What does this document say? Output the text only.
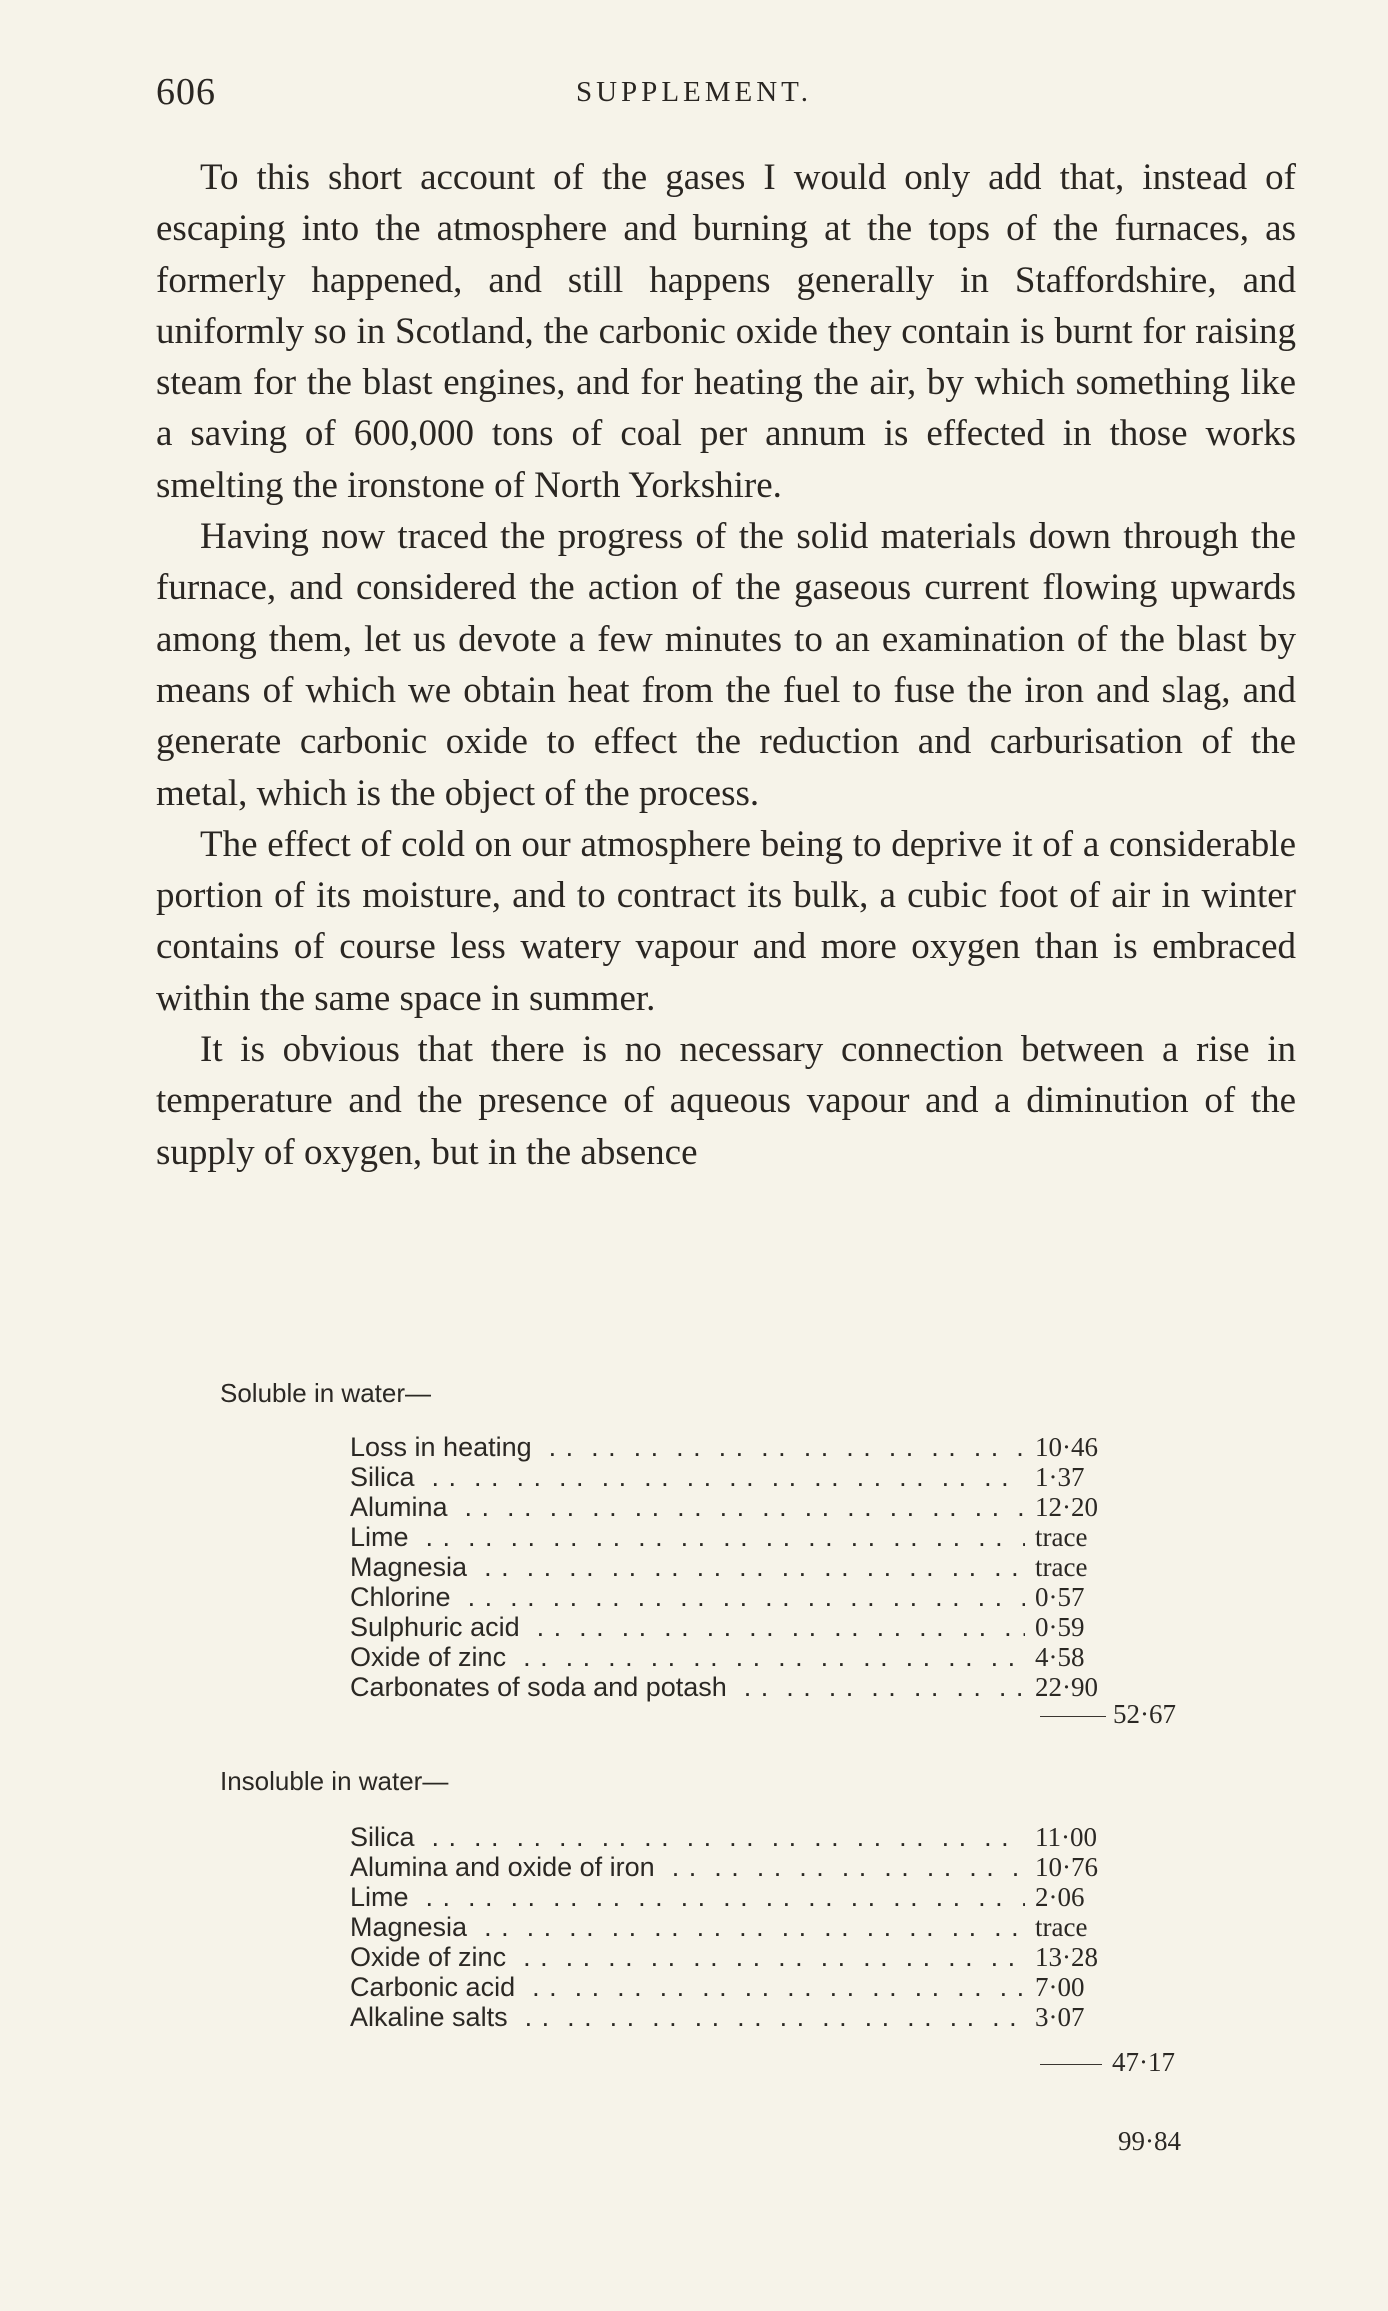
606	SUPPLEMENT.

To this short account of the gases I would only add that, instead of escaping into the atmosphere and burning at the tops of the furnaces, as formerly happened, and still happens generally in Staffordshire, and uniformly so in Scotland, the carbonic oxide they contain is burnt for raising steam for the blast engines, and for heating the air, by which something like a saving of 600,000 tons of coal per annum is effected in those works smelting the ironstone of North Yorkshire.

Having now traced the progress of the solid materials down through the furnace, and considered the action of the gaseous current flowing upwards among them, let us devote a few minutes to an examination of the blast by means of which we obtain heat from the fuel to fuse the iron and slag, and generate carbonic oxide to effect the reduction and carburisation of the metal, which is the object of the process.

The effect of cold on our atmosphere being to deprive it of a considerable portion of its moisture, and to contract its bulk, a cubic foot of air in winter contains of course less watery vapour and more oxygen than is embraced within the same space in summer.

It is obvious that there is no necessary connection between a rise in temperature and the presence of aqueous vapour and a diminution of the supply of oxygen, but in the absence

Soluble in water—
Loss in heating . .	10·46
Silica . .	1·37
Alumina . .	12·20
Lime . .	trace
Magnesia . .	trace
Chlorine . .	0·57
Sulphuric acid . .	0·59
Oxide of zinc . .	4·58
Carbonates of soda and potash . .	22·90
52·67
Insoluble in water—
Silica . .	11·00
Alumina and oxide of iron . .	10·76
Lime . .	2·06
Magnesia . .	trace
Oxide of zinc . .	13·28
Carbonic acid . .	7·00
Alkaline salts . .	3·07
47·17
99·84
